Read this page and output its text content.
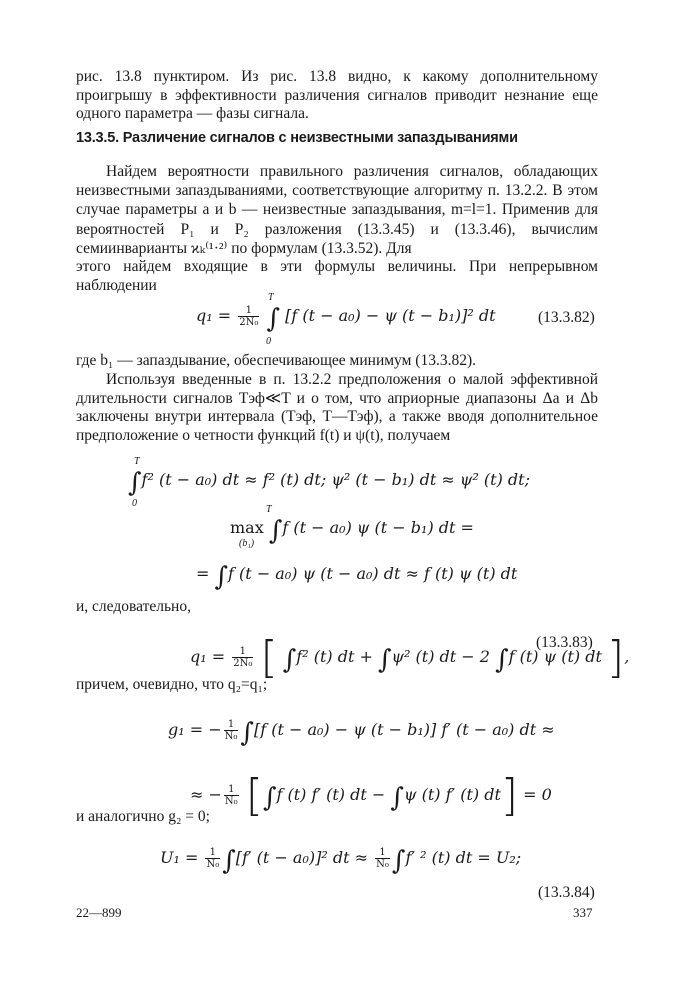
рис. 13.8 пунктиром. Из рис. 13.8 видно, к какому дополнительному проигрышу в эффективности различения сигналов приводит незнание еще одного параметра — фазы сигнала.

13.3.5. Различение сигналов с неизвестными запаздываниями

Найдем вероятности правильного различения сигналов, обладающих неизвестными запаздываниями, соответствующие алгоритму п. 13.2.2. В этом случае параметры a и b — неизвестные запаздывания, m=l=1. Применив для вероятностей P₁ и P₂ разложения (13.3.45) и (13.3.46), вычислим семиинварианты ϰₖ⁽¹·²⁾ по формулам (13.3.52). Для

этого найдем входящие в эти формулы величины. При непрерывном наблюдении

$q_1 = \frac{1}{\text{2N₀}}$ ∫ [f (t − a₀) − ψ (t − b₁)]² dt
T
0
(13.3.82)

где b₁ — запаздывание, обеспечивающее минимум (13.3.82).

Используя введенные в п. 13.2.2 предположения о малой эффективной длительности сигналов Tэф≪T и о том, что априорные диапазоны Δa и Δb заключены внутри интервала (Tэф, T—Tэф), а также вводя дополнительное предположение о четности функций f(t) и ψ(t), получаем

∫f² (t − a₀) dt ≈ f² (t) dt; ψ² (t − b₁) dt ≈ ψ² (t) dt;
T
0
max ∫f (t − a₀) ψ (t − b₁) dt =
(b₁)
T
= ∫f (t − a₀) ψ (t − a₀) dt ≈ f (t) ψ (t) dt

и, следовательно,

$q_1 = \frac{1}{\text{2N₀}}$ [ ∫f² (t) dt + ∫ψ² (t) dt − 2 ∫f (t) ψ (t) dt ],
(13.3.83)

причем, очевидно, что q₂=q₁;

g₁ = − $\frac{1}{\text{N₀}} \int[f$ (t − a₀) − ψ (t − b₁)] f′ (t − a₀) dt ≈
≈ − $\frac{1}{\text{N₀}} [\int f$ (t) f′ (t) dt − ∫ψ (t) f′ (t) dt] = 0

и аналогично g₂ = 0;

$U_1 = \frac{1}{\text{N₀}} \int[f'$ (t − a₀)]² dt ≈ $\frac{1}{\text{N₀}} \int f'$ ² (t) dt = U₂;
(13.3.84)
22—899	337
